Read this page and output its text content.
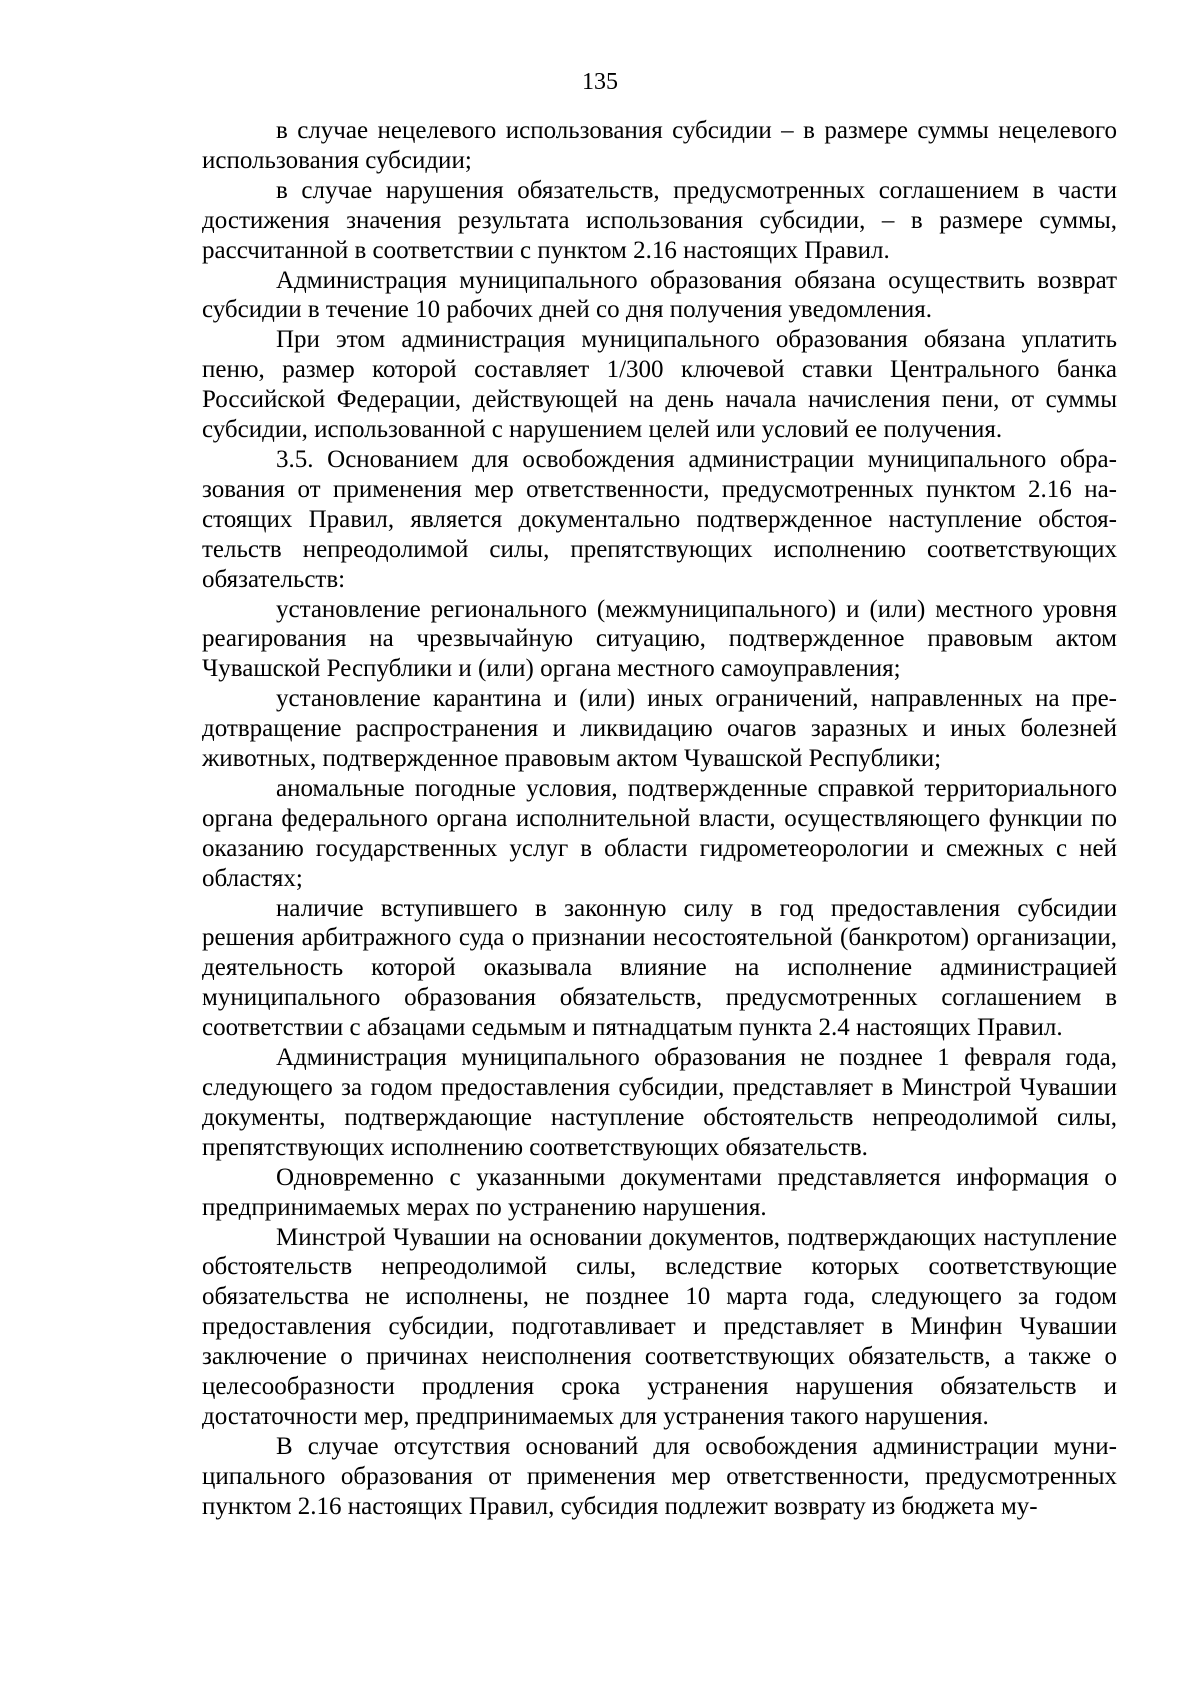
135

в случае нецелевого использования субсидии – в размере суммы нецелевого использования субсидии;

в случае нарушения обязательств, предусмотренных соглашением в части достижения значения результата использования субсидии, – в размере суммы, рассчитанной в соответствии с пунктом 2.16 настоящих Правил.

Администрация муниципального образования обязана осуществить возврат субсидии в течение 10 рабочих дней со дня получения уведомления.

При этом администрация муниципального образования обязана уплатить пеню, размер которой составляет 1/300 ключевой ставки Центрального банка Российской Федерации, действующей на день начала начисления пени, от суммы субсидии, использованной с нарушением целей или условий ее получения.

3.5. Основанием для освобождения администрации муниципального образования от применения мер ответственности, предусмотренных пунктом 2.16 настоящих Правил, является документально подтвержденное наступление обстоятельств непреодолимой силы, препятствующих исполнению соответствующих обязательств:

установление регионального (межмуниципального) и (или) местного уровня реагирования на чрезвычайную ситуацию, подтвержденное правовым актом Чувашской Республики и (или) органа местного самоуправления;

установление карантина и (или) иных ограничений, направленных на предотвращение распространения и ликвидацию очагов заразных и иных болезней животных, подтвержденное правовым актом Чувашской Республики;

аномальные погодные условия, подтвержденные справкой территориального органа федерального органа исполнительной власти, осуществляющего функции по оказанию государственных услуг в области гидрометеорологии и смежных с ней областях;

наличие вступившего в законную силу в год предоставления субсидии решения арбитражного суда о признании несостоятельной (банкротом) организации, деятельность которой оказывала влияние на исполнение администрацией муниципального образования обязательств, предусмотренных соглашением в соответствии с абзацами седьмым и пятнадцатым пункта 2.4 настоящих Правил.

Администрация муниципального образования не позднее 1 февраля года, следующего за годом предоставления субсидии, представляет в Минстрой Чувашии документы, подтверждающие наступление обстоятельств непреодолимой силы, препятствующих исполнению соответствующих обязательств.

Одновременно с указанными документами представляется информация о предпринимаемых мерах по устранению нарушения.

Минстрой Чувашии на основании документов, подтверждающих наступление обстоятельств непреодолимой силы, вследствие которых соответствующие обязательства не исполнены, не позднее 10 марта года, следующего за годом предоставления субсидии, подготавливает и представляет в Минфин Чувашии заключение о причинах неисполнения соответствующих обязательств, а также о целесообразности продления срока устранения нарушения обязательств и достаточности мер, предпринимаемых для устранения такого нарушения.

В случае отсутствия оснований для освобождения администрации муниципального образования от применения мер ответственности, предусмотренных пунктом 2.16 настоящих Правил, субсидия подлежит возврату из бюджета му-
